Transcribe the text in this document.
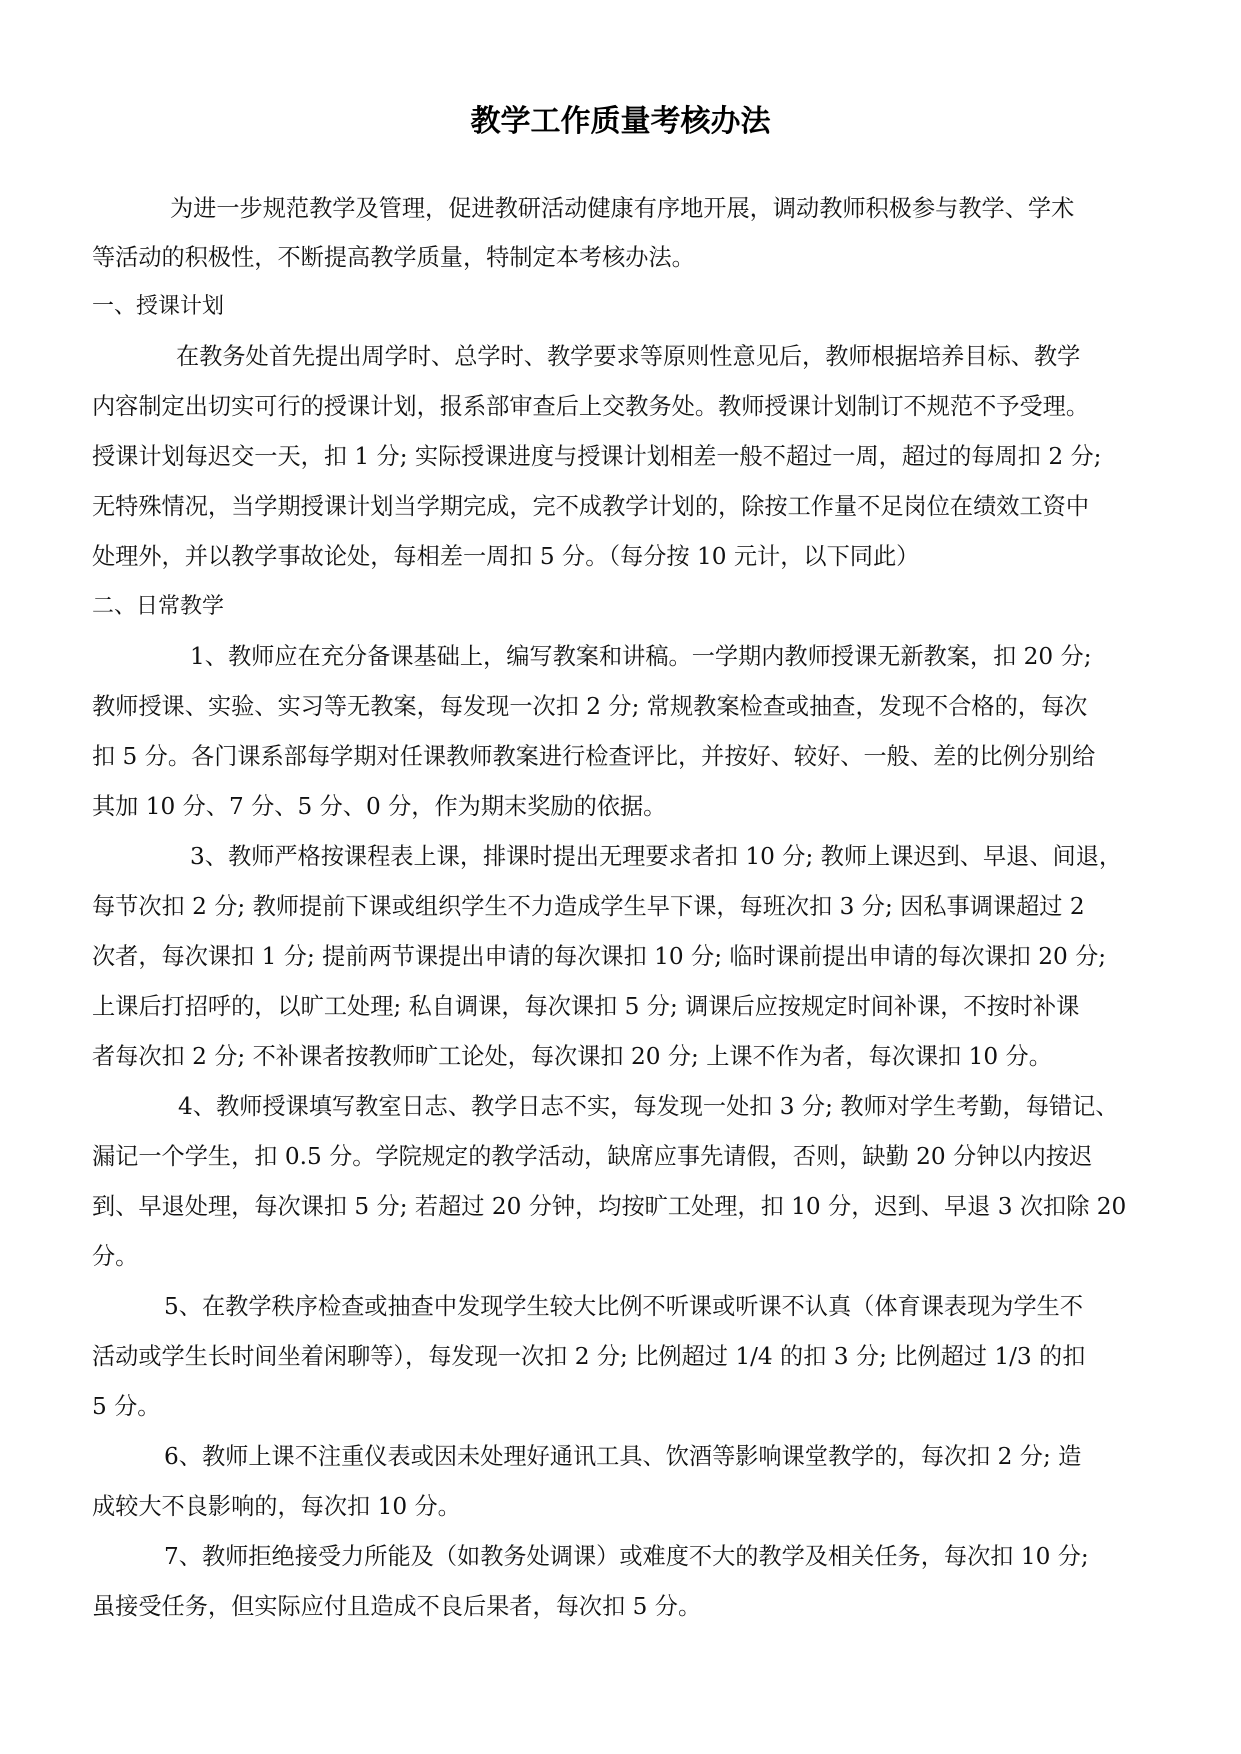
教学工作质量考核办法
为进一步规范教学及管理，促进教研活动健康有序地开展，调动教师积极参与教学、学术
等活动的积极性，不断提高教学质量，特制定本考核办法。
一、授课计划
在教务处首先提出周学时、总学时、教学要求等原则性意见后，教师根据培养目标、教学
内容制定出切实可行的授课计划，报系部审查后上交教务处。教师授课计划制订不规范不予受理。
授课计划每迟交一天，扣 1 分; 实际授课进度与授课计划相差一般不超过一周，超过的每周扣 2 分;
无特殊情况，当学期授课计划当学期完成，完不成教学计划的，除按工作量不足岗位在绩效工资中
处理外，并以教学事故论处，每相差一周扣 5 分。（每分按 10 元计，以下同此）
二、日常教学
1、教师应在充分备课基础上，编写教案和讲稿。一学期内教师授课无新教案，扣 20 分;
教师授课、实验、实习等无教案，每发现一次扣 2 分; 常规教案检查或抽查，发现不合格的，每次
扣 5 分。各门课系部每学期对任课教师教案进行检查评比，并按好、较好、一般、差的比例分别给
其加 10 分、7 分、5 分、0 分，作为期末奖励的依据。
3、教师严格按课程表上课，排课时提出无理要求者扣 10 分; 教师上课迟到、早退、间退，
每节次扣 2 分; 教师提前下课或组织学生不力造成学生早下课，每班次扣 3 分; 因私事调课超过 2
次者，每次课扣 1 分; 提前两节课提出申请的每次课扣 10 分; 临时课前提出申请的每次课扣 20 分;
上课后打招呼的，以旷工处理; 私自调课，每次课扣 5 分; 调课后应按规定时间补课，不按时补课
者每次扣 2 分; 不补课者按教师旷工论处，每次课扣 20 分; 上课不作为者，每次课扣 10 分。
4、教师授课填写教室日志、教学日志不实，每发现一处扣 3 分; 教师对学生考勤，每错记、
漏记一个学生，扣 0.5 分。学院规定的教学活动，缺席应事先请假，否则，缺勤 20 分钟以内按迟
到、早退处理，每次课扣 5 分; 若超过 20 分钟，均按旷工处理，扣 10 分，迟到、早退 3 次扣除 20
分。
5、在教学秩序检查或抽查中发现学生较大比例不听课或听课不认真（体育课表现为学生不
活动或学生长时间坐着闲聊等），每发现一次扣 2 分; 比例超过 1/4 的扣 3 分; 比例超过 1/3 的扣
5 分。
6、教师上课不注重仪表或因未处理好通讯工具、饮酒等影响课堂教学的，每次扣 2 分; 造
成较大不良影响的，每次扣 10 分。
7、教师拒绝接受力所能及（如教务处调课）或难度不大的教学及相关任务，每次扣 10 分;
虽接受任务，但实际应付且造成不良后果者，每次扣 5 分。
